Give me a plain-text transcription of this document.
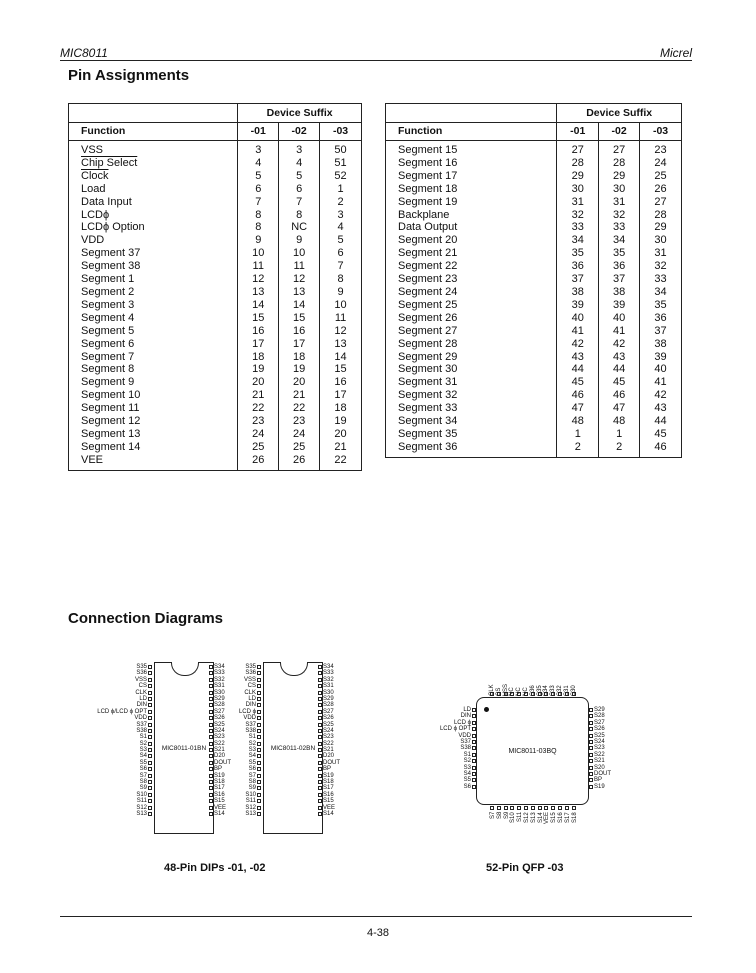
MIC8011	Micrel
Pin Assignments
	Device Suffix		
Function	-01	-02	-03
VSS	3	3	50
Chip Select	4	4	51
Clock	5	5	52
Load	6	6	1
Data Input	7	7	2
LCDϕ	8	8	3
LCDϕ Option	8	NC	4
VDD	9	9	5
Segment 37	10	10	6
Segment 38	11	11	7
Segment 1	12	12	8
Segment 2	13	13	9
Segment 3	14	14	10
Segment 4	15	15	11
Segment 5	16	16	12
Segment 6	17	17	13
Segment 7	18	18	14
Segment 8	19	19	15
Segment 9	20	20	16
Segment 10	21	21	17
Segment 11	22	22	18
Segment 12	23	23	19
Segment 13	24	24	20
Segment 14	25	25	21
VEE	26	26	22
	Device Suffix		
Function	-01	-02	-03
Segment 15	27	27	23
Segment 16	28	28	24
Segment 17	29	29	25
Segment 18	30	30	26
Segment 19	31	31	27
Backplane	32	32	28
Data Output	33	33	29
Segment 20	34	34	30
Segment 21	35	35	31
Segment 22	36	36	32
Segment 23	37	37	33
Segment 24	38	38	34
Segment 25	39	39	35
Segment 26	40	40	36
Segment 27	41	41	37
Segment 28	42	42	38
Segment 29	43	43	39
Segment 30	44	44	40
Segment 31	45	45	41
Segment 32	46	46	42
Segment 33	47	47	43
Segment 34	48	48	44
Segment 35	1	1	45
Segment 36	2	2	46
Connection Diagrams
S35
S36
VSS
CS
CLK
LD
DIN
LCD ϕ/LCD ϕ OPT
VDD
S37
S38
S1
S2
S3
S4
S5
S6
S7
S8
S9
S10
S11
S12
S13
MIC8011-01BN
S34
S33
S32
S31
S30
S29
S28
S27
S26
S25
S24
S23
S22
S21
D20
DOUT
BP
S19
S18
S17
S16
S15
VEE
S14
S35
S36
VSS
CS
CLK
LD
DIN
LCD ϕ
VDD
S37
S38
S1
S2
S3
S4
S5
S6
S7
S8
S9
S10
S11
S12
S13
MIC8011-02BN
S34
S33
S32
S31
S30
S29
S28
S27
S26
S25
S24
S23
S22
S21
D20
DOUT
BP
S19
S18
S17
S16
S15
VEE
S14
CLK CS VSS NC NC NC S36 S35 S34 S33 S32 S31 S30
LD
DIN
LCD ϕ
LCD ϕ OPT
VDD
S37
S38
S1
S2
S3
S4
S5
S6
MIC8011-03BQ
S29
S28
S27
S26
S25
S24
S23
S22
S21
S20
DOUT
BP
S19
S7 S8 S9 S10 S11 S12 S13 S14 VEE S15 S16 S17 S18
48-Pin DIPs -01, -02	52-Pin QFP -03
4-38
